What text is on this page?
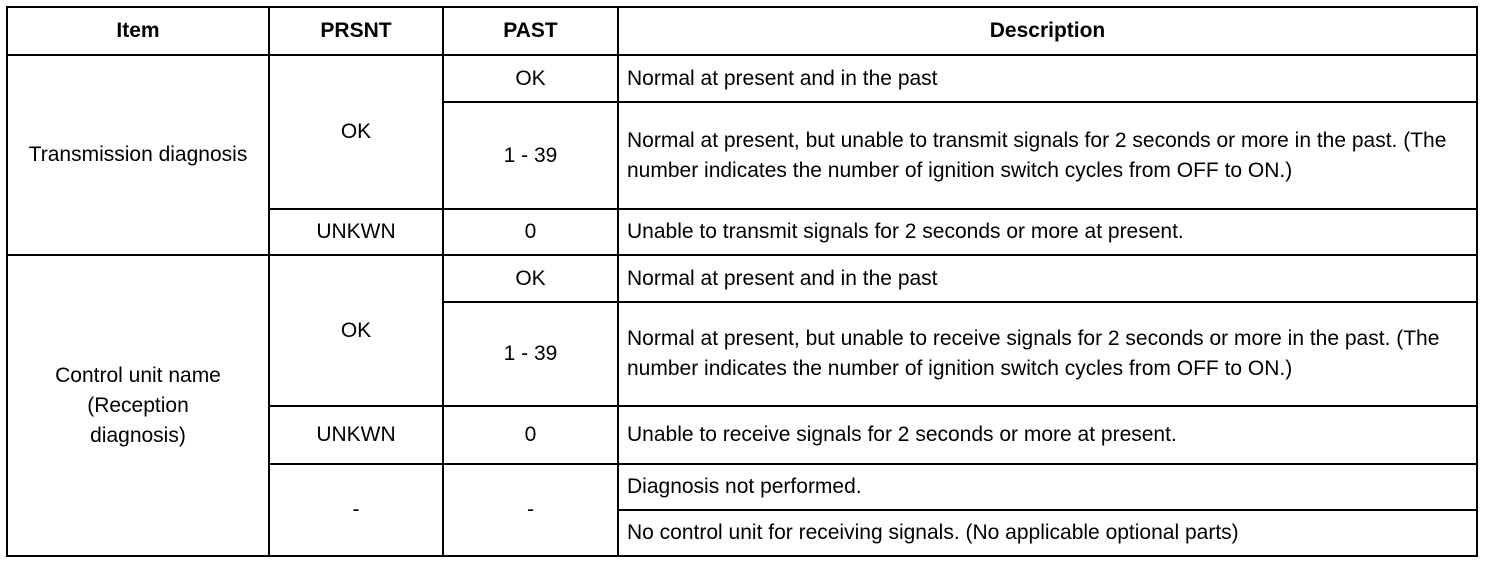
Item	PRSNT	PAST	Description
Transmission diagnosis	OK	OK	Normal at present and in the past
		1 - 39	Normal at present, but unable to transmit signals for 2 seconds or more in the past. (The number indicates the number of ignition switch cycles from OFF to ON.)
	UNKWN	0	Unable to transmit signals for 2 seconds or more at present.
Control unit name (Reception diagnosis)	OK	OK	Normal at present and in the past
		1 - 39	Normal at present, but unable to receive signals for 2 seconds or more in the past. (The number indicates the number of ignition switch cycles from OFF to ON.)
	UNKWN	0	Unable to receive signals for 2 seconds or more at present.
	-	-	Diagnosis not performed.
			No control unit for receiving signals. (No applicable optional parts)
